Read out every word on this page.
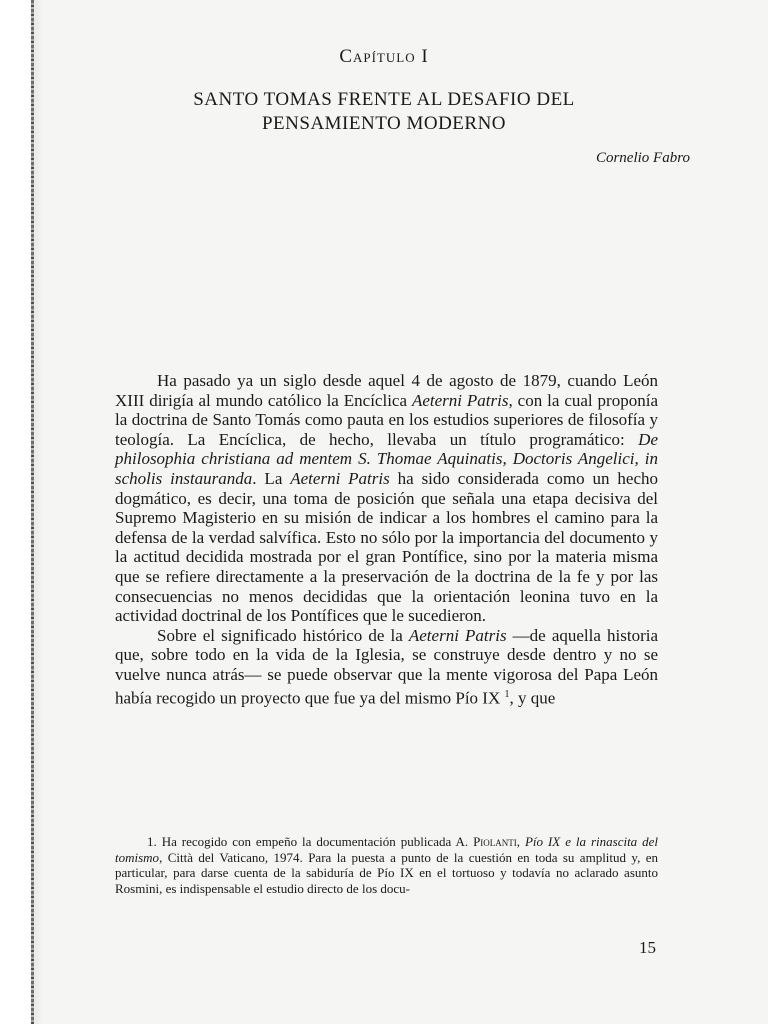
Capítulo I
SANTO TOMAS FRENTE AL DESAFIO DEL
PENSAMIENTO MODERNO
Cornelio Fabro

Ha pasado ya un siglo desde aquel 4 de agosto de 1879, cuando León XIII dirigía al mundo católico la Encíclica Aeterni Patris, con la cual proponía la doctrina de Santo Tomás como pauta en los estudios superiores de filosofía y teología. La Encíclica, de hecho, llevaba un título programático: De philosophia christiana ad mentem S. Thomae Aquinatis, Doctoris Angelici, in scholis instauranda. La Aeterni Patris ha sido considerada como un hecho dogmático, es decir, una toma de posición que señala una etapa decisiva del Supremo Magisterio en su misión de indicar a los hombres el camino para la defensa de la verdad salvífica. Esto no sólo por la importancia del documento y la actitud decidida mostrada por el gran Pontífice, sino por la materia misma que se refiere directamente a la preservación de la doctrina de la fe y por las consecuencias no menos decididas que la orientación leonina tuvo en la actividad doctrinal de los Pontífices que le sucedieron.

Sobre el significado histórico de la Aeterni Patris —de aquella historia que, sobre todo en la vida de la Iglesia, se construye desde dentro y no se vuelve nunca atrás— se puede observar que la mente vigorosa del Papa León había recogido un proyecto que fue ya del mismo Pío IX $^1$, y que

1. Ha recogido con empeño la documentación publicada A. Piolanti, Pío IX e la rinascita del tomismo, Città del Vaticano, 1974. Para la puesta a punto de la cuestión en toda su amplitud y, en particular, para darse cuenta de la sabiduría de Pío IX en el tortuoso y todavía no aclarado asunto Rosmini, es indispensable el estudio directo de los docu-

15
